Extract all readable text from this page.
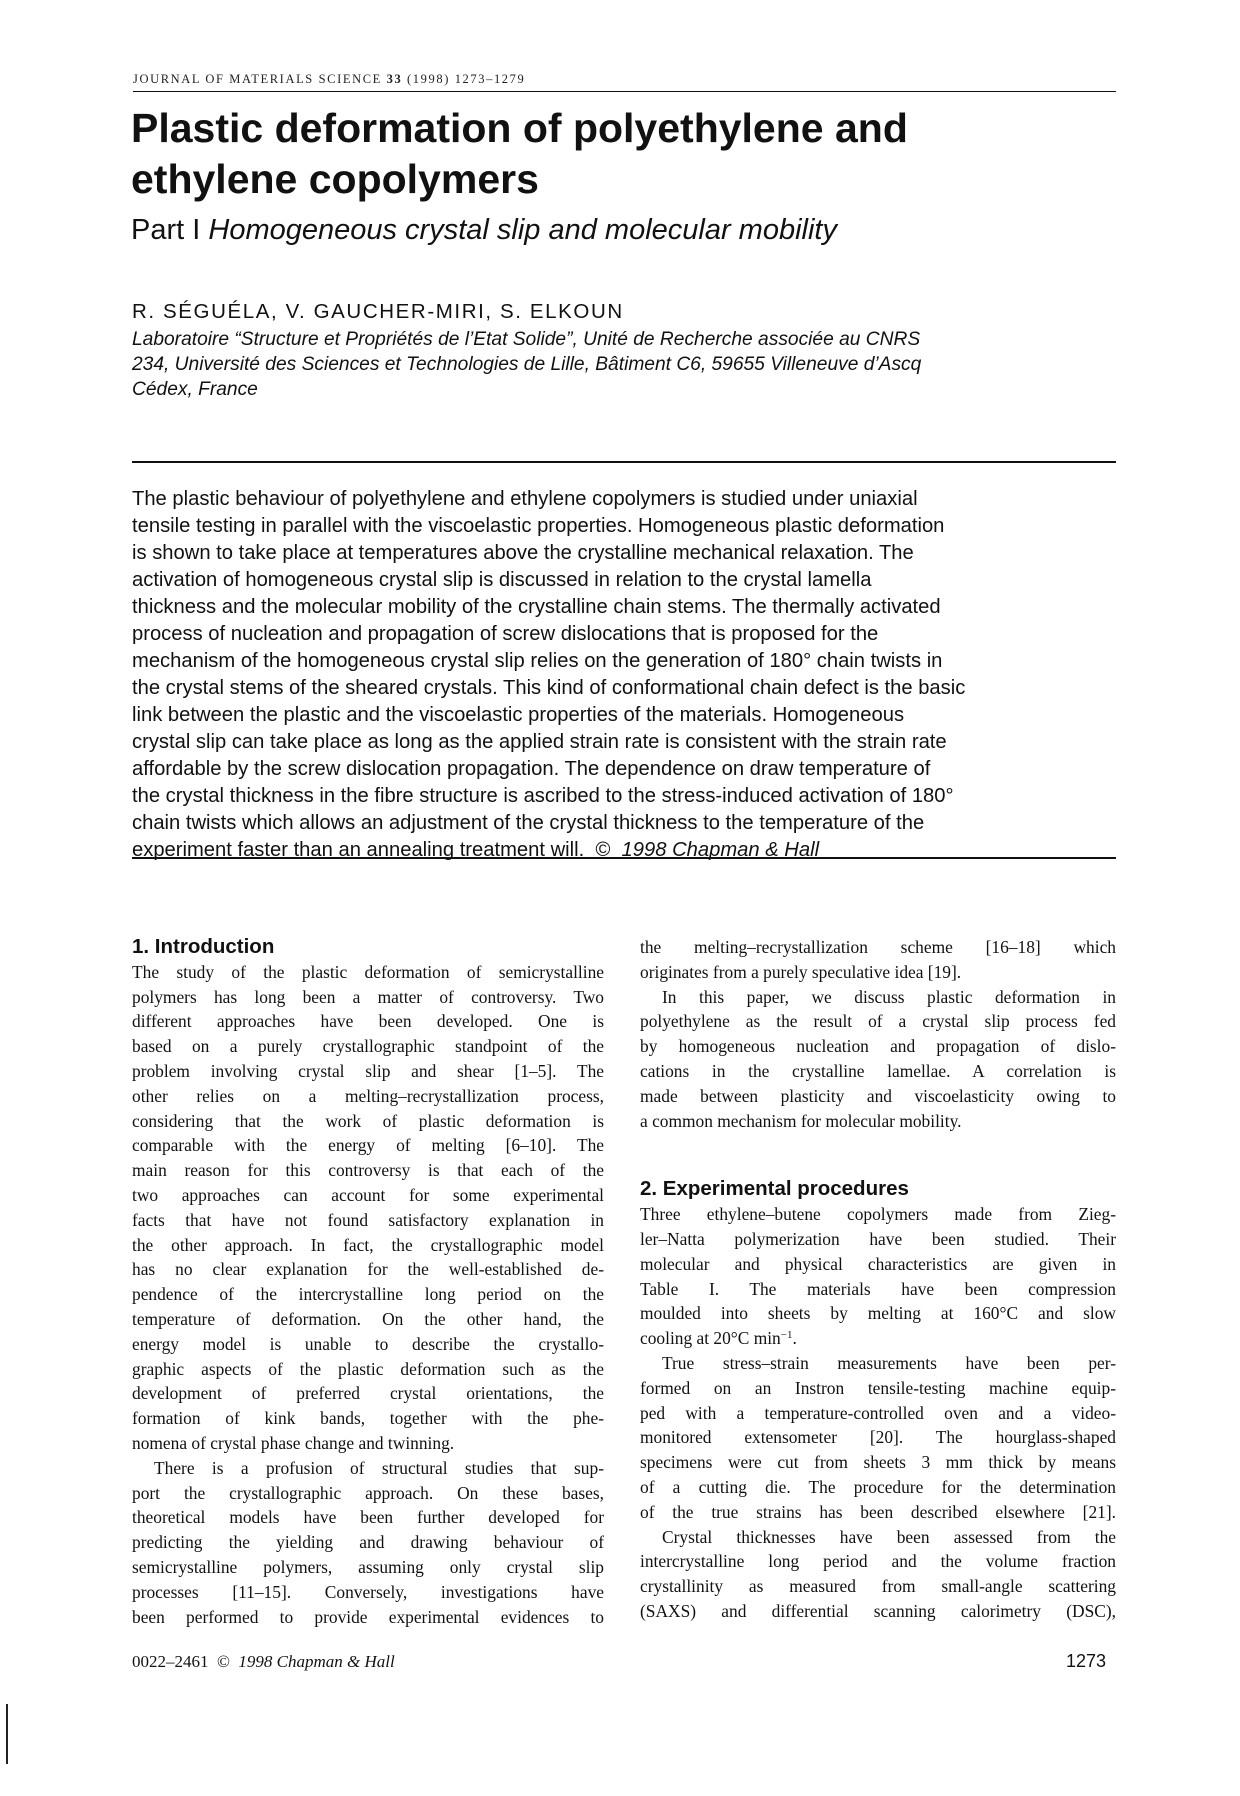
JOURNAL OF MATERIALS SCIENCE 33 (1998) 1273–1279
Plastic deformation of polyethylene and
ethylene copolymers
Part I Homogeneous crystal slip and molecular mobility
R. SÉGUÉLA, V. GAUCHER-MIRI, S. ELKOUN
Laboratoire “Structure et Propriétés de l’Etat Solide”, Unité de Recherche associée au CNRS
234, Université des Sciences et Technologies de Lille, Bâtiment C6, 59655 Villeneuve d’Ascq
Cédex, France
The plastic behaviour of polyethylene and ethylene copolymers is studied under uniaxial
tensile testing in parallel with the viscoelastic properties. Homogeneous plastic deformation
is shown to take place at temperatures above the crystalline mechanical relaxation. The
activation of homogeneous crystal slip is discussed in relation to the crystal lamella
thickness and the molecular mobility of the crystalline chain stems. The thermally activated
process of nucleation and propagation of screw dislocations that is proposed for the
mechanism of the homogeneous crystal slip relies on the generation of 180° chain twists in
the crystal stems of the sheared crystals. This kind of conformational chain defect is the basic
link between the plastic and the viscoelastic properties of the materials. Homogeneous
crystal slip can take place as long as the applied strain rate is consistent with the strain rate
affordable by the screw dislocation propagation. The dependence on draw temperature of
the crystal thickness in the fibre structure is ascribed to the stress-induced activation of 180°
chain twists which allows an adjustment of the crystal thickness to the temperature of the
experiment faster than an annealing treatment will. © 1998 Chapman & Hall
1. Introduction
The study of the plastic deformation of semicrystalline
polymers has long been a matter of controversy. Two
different approaches have been developed. One is
based on a purely crystallographic standpoint of the
problem involving crystal slip and shear [1–5]. The
other relies on a melting–recrystallization process,
considering that the work of plastic deformation is
comparable with the energy of melting [6–10]. The
main reason for this controversy is that each of the
two approaches can account for some experimental
facts that have not found satisfactory explanation in
the other approach. In fact, the crystallographic model
has no clear explanation for the well-established de-
pendence of the intercrystalline long period on the
temperature of deformation. On the other hand, the
energy model is unable to describe the crystallo-
graphic aspects of the plastic deformation such as the
development of preferred crystal orientations, the
formation of kink bands, together with the phe-
nomena of crystal phase change and twinning.
There is a profusion of structural studies that sup-
port the crystallographic approach. On these bases,
theoretical models have been further developed for
predicting the yielding and drawing behaviour of
semicrystalline polymers, assuming only crystal slip
processes [11–15]. Conversely, investigations have
been performed to provide experimental evidences to
the melting–recrystallization scheme [16–18] which
originates from a purely speculative idea [19].
In this paper, we discuss plastic deformation in
polyethylene as the result of a crystal slip process fed
by homogeneous nucleation and propagation of dislo-
cations in the crystalline lamellae. A correlation is
made between plasticity and viscoelasticity owing to
a common mechanism for molecular mobility.
2. Experimental procedures
Three ethylene–butene copolymers made from Zieg-
ler–Natta polymerization have been studied. Their
molecular and physical characteristics are given in
Table I. The materials have been compression
moulded into sheets by melting at 160°C and slow
cooling at 20°C $\min^{-1}$.
True stress–strain measurements have been per-
formed on an Instron tensile-testing machine equip-
ped with a temperature-controlled oven and a video-
monitored extensometer [20]. The hourglass-shaped
specimens were cut from sheets 3 mm thick by means
of a cutting die. The procedure for the determination
of the true strains has been described elsewhere [21].
Crystal thicknesses have been assessed from the
intercrystalline long period and the volume fraction
crystallinity as measured from small-angle scattering
(SAXS) and differential scanning calorimetry (DSC),
0022–2461 © 1998 Chapman & Hall	1273
